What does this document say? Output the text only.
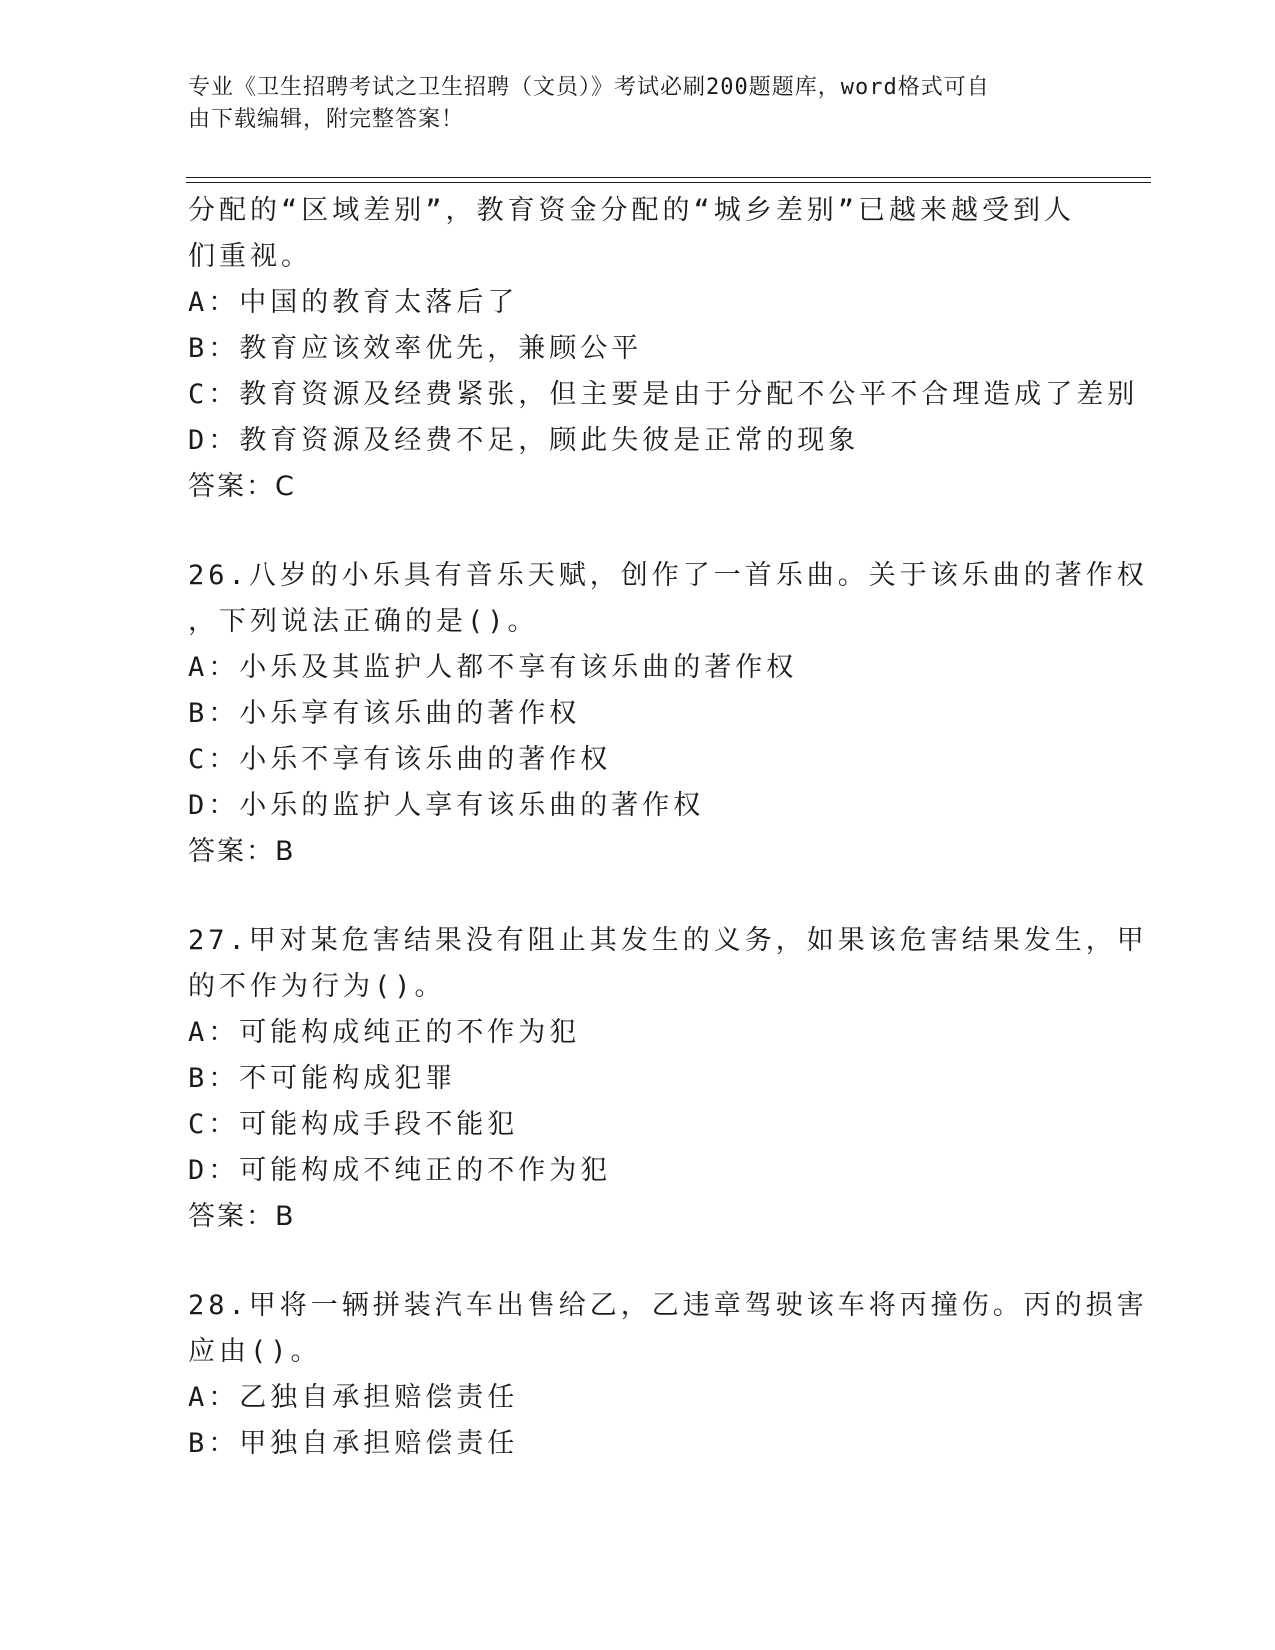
专业《卫生招聘考试之卫生招聘（文员）》考试必刷200题题库，word格式可自
由下载编辑，附完整答案！
分配的“区域差别”，教育资金分配的“城乡差别”已越来越受到人
们重视。
A：中国的教育太落后了
B：教育应该效率优先，兼顾公平
C：教育资源及经费紧张，但主要是由于分配不公平不合理造成了差别
D：教育资源及经费不足，顾此失彼是正常的现象
答案：C
26.八岁的小乐具有音乐天赋，创作了一首乐曲。关于该乐曲的著作权
，下列说法正确的是()。
A：小乐及其监护人都不享有该乐曲的著作权
B：小乐享有该乐曲的著作权
C：小乐不享有该乐曲的著作权
D：小乐的监护人享有该乐曲的著作权
答案：B
27.甲对某危害结果没有阻止其发生的义务，如果该危害结果发生，甲
的不作为行为()。
A：可能构成纯正的不作为犯
B：不可能构成犯罪
C：可能构成手段不能犯
D：可能构成不纯正的不作为犯
答案：B
28.甲将一辆拼装汽车出售给乙，乙违章驾驶该车将丙撞伤。丙的损害
应由()。
A：乙独自承担赔偿责任
B：甲独自承担赔偿责任
